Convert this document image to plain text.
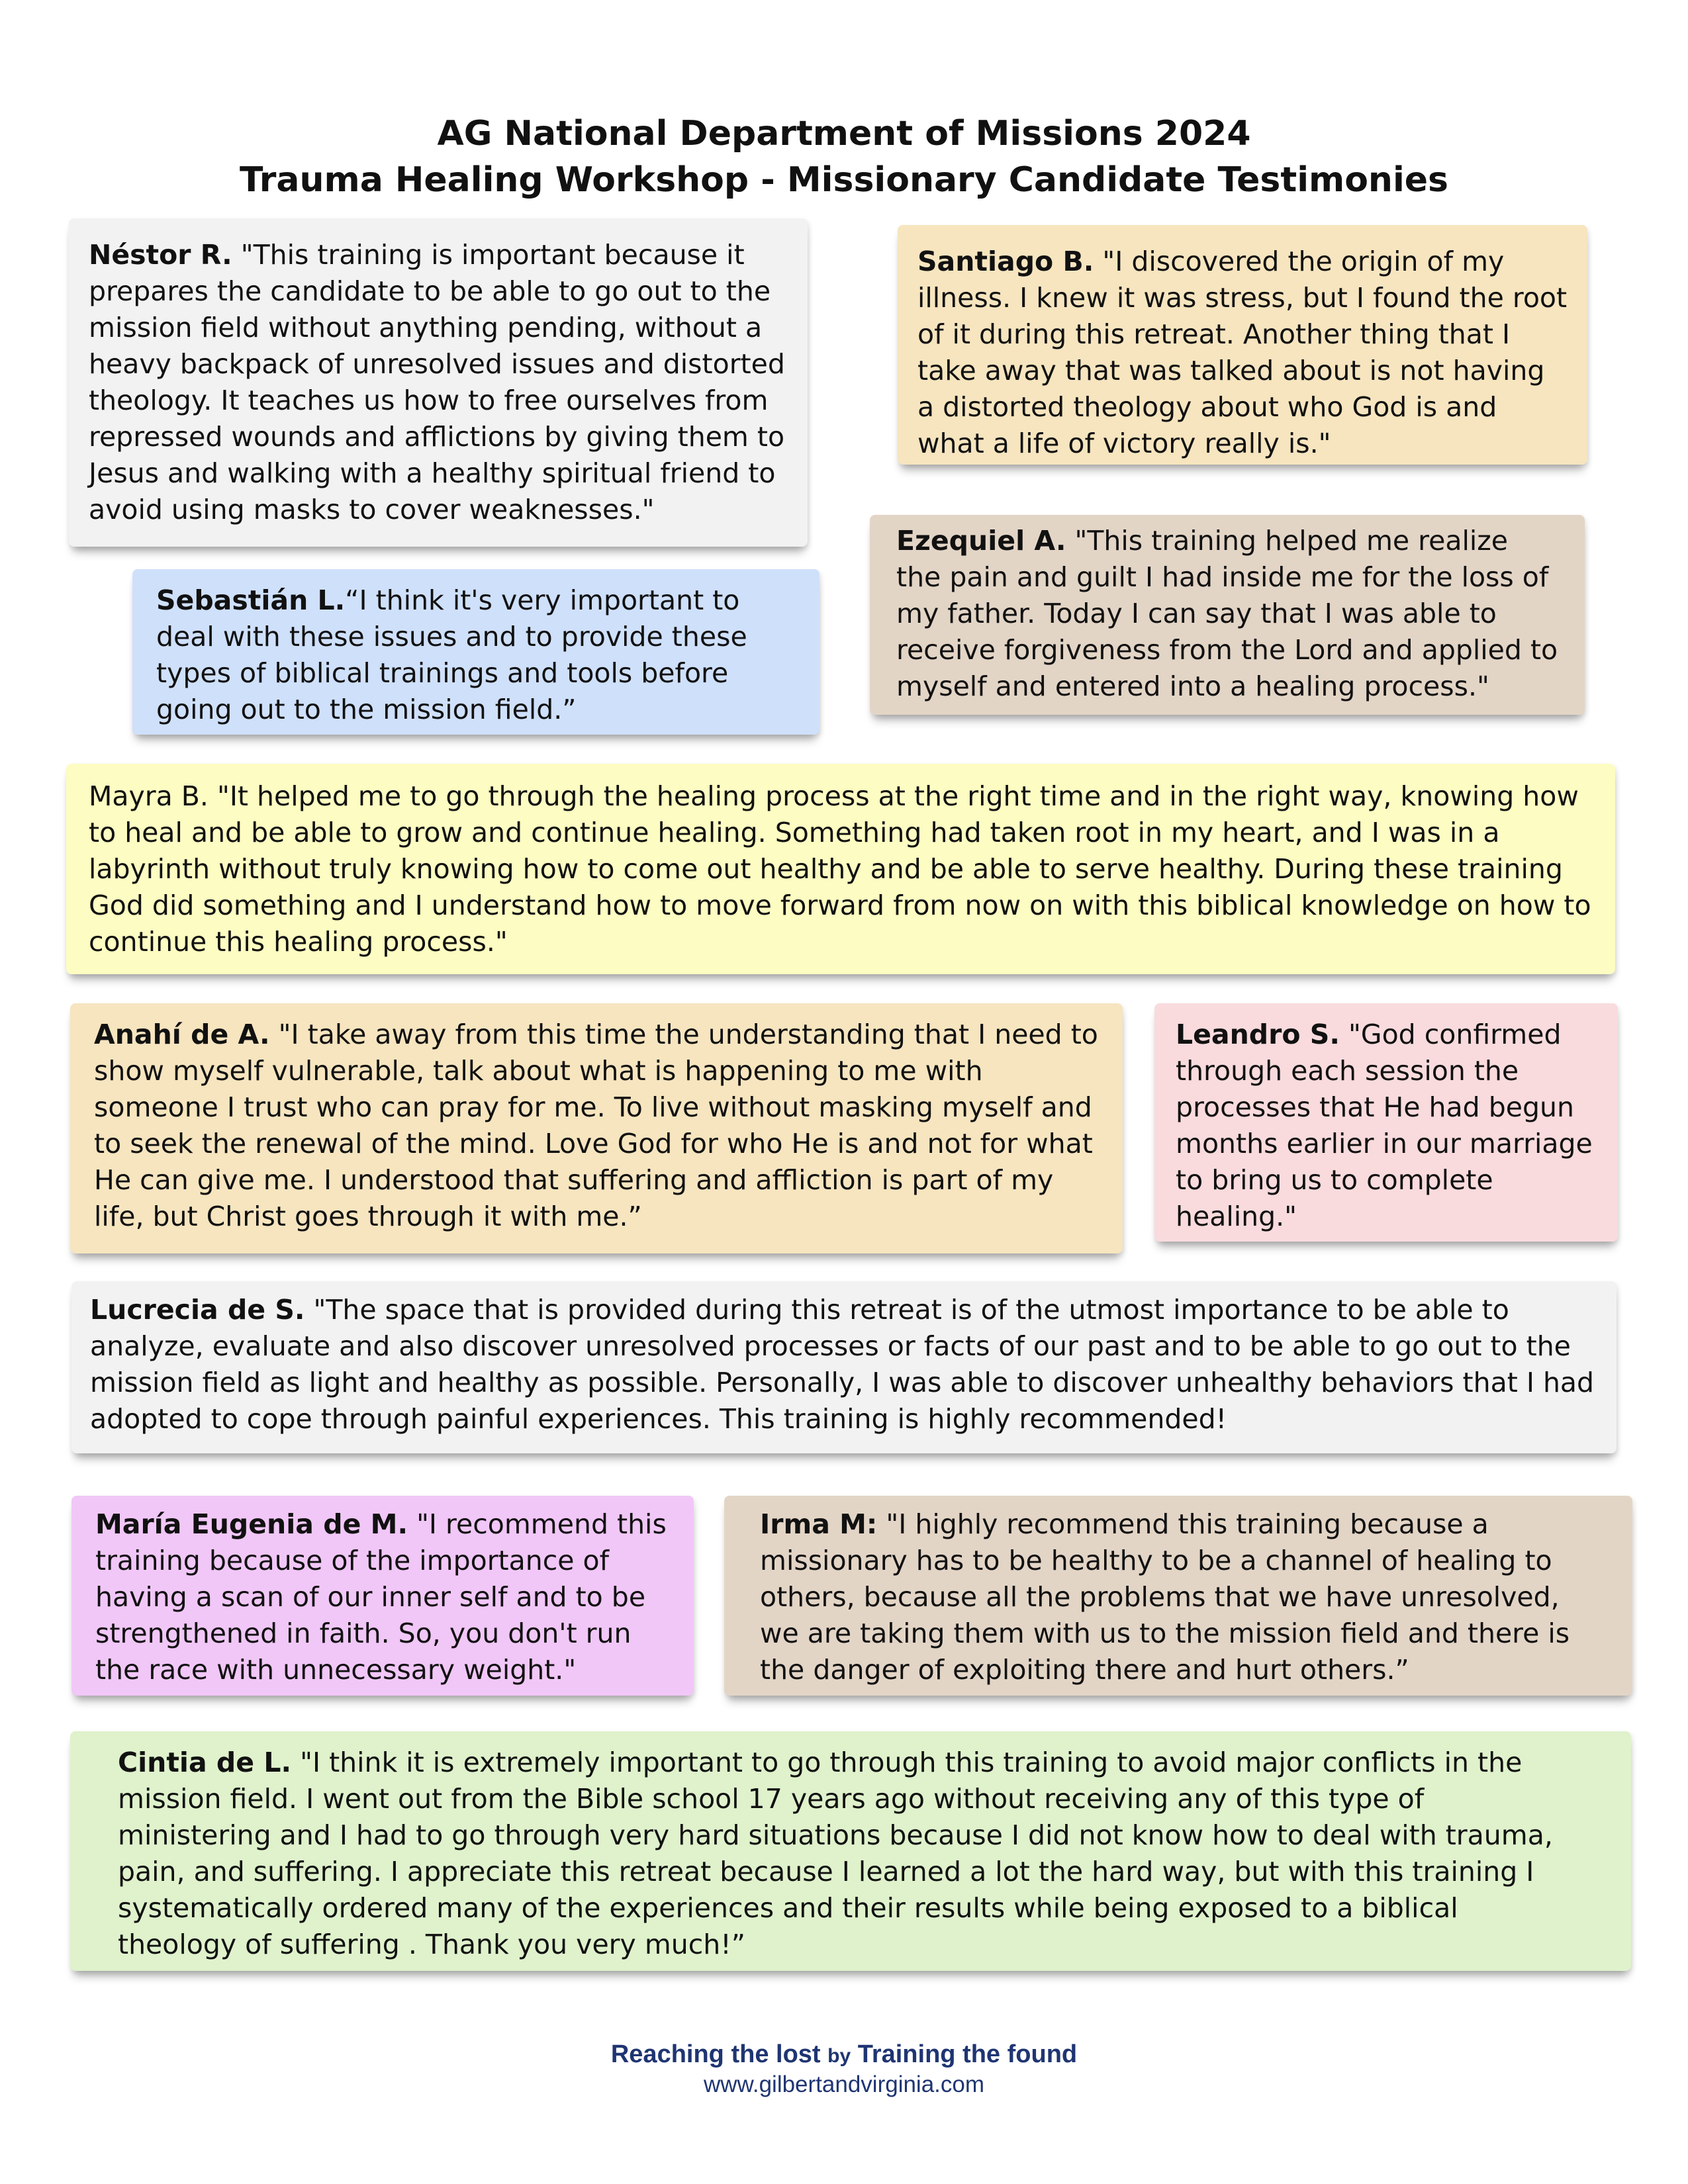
AG National Department of Missions 2024
Trauma Healing Workshop - Missionary Candidate Testimonies
Néstor R. "This training is important because it prepares the candidate to be able to go out to the mission field without anything pending, without a heavy backpack of unresolved issues and distorted theology. It teaches us how to free ourselves from repressed wounds and afflictions by giving them to Jesus and walking with a healthy spiritual friend to avoid using masks to cover weaknesses."
Santiago B. "I discovered the origin of my illness. I knew it was stress, but I found the root of it during this retreat. Another thing that I take away that was talked about is not having a distorted theology about who God is and what a life of victory really is."
Sebastián L.“I think it's very important to deal with these issues and to provide these types of biblical trainings and tools before going out to the mission field.”
Ezequiel A. "This training helped me realize the pain and guilt I had inside me for the loss of my father. Today I can say that I was able to receive forgiveness from the Lord and applied to myself and entered into a healing process."
Mayra B. "It helped me to go through the healing process at the right time and in the right way, knowing how to heal and be able to grow and continue healing. Something had taken root in my heart, and I was in a labyrinth without truly knowing how to come out healthy and be able to serve healthy. During these training God did something and I understand how to move forward from now on with this biblical knowledge on how to continue this healing process."
Anahí de A. "I take away from this time the understanding that I need to show myself vulnerable, talk about what is happening to me with someone I trust who can pray for me. To live without masking myself and to seek the renewal of the mind. Love God for who He is and not for what He can give me. I understood that suffering and affliction is part of my life, but Christ goes through it with me.”
Leandro S. "God confirmed through each session the processes that He had begun months earlier in our marriage to bring us to complete healing."
Lucrecia de S. "The space that is provided during this retreat is of the utmost importance to be able to analyze, evaluate and also discover unresolved processes or facts of our past and to be able to go out to the mission field as light and healthy as possible. Personally, I was able to discover unhealthy behaviors that I had adopted to cope through painful experiences. This training is highly recommended!
María Eugenia de M. "I recommend this training because of the importance of having a scan of our inner self and to be strengthened in faith. So, you don't run the race with unnecessary weight."
Irma M: "I highly recommend this training because a missionary has to be healthy to be a channel of healing to others, because all the problems that we have unresolved, we are taking them with us to the mission field and there is the danger of exploiting there and hurt others.”
Cintia de L. "I think it is extremely important to go through this training to avoid major conflicts in the mission field. I went out from the Bible school 17 years ago without receiving any of this type of ministering and I had to go through very hard situations because I did not know how to deal with trauma, pain, and suffering. I appreciate this retreat because I learned a lot the hard way, but with this training I systematically ordered many of the experiences and their results while being exposed to a biblical theology of suffering . Thank you very much!”
Reaching the lost by Training the found
www.gilbertandvirginia.com
